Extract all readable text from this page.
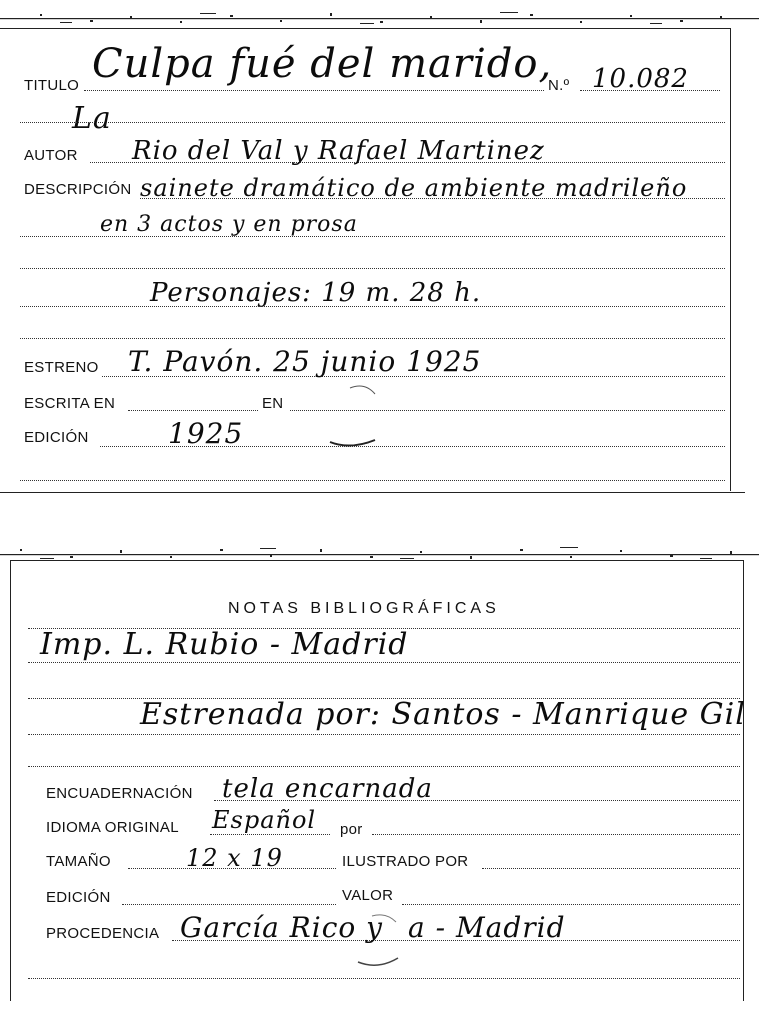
TITULO Culpa fué del marido,
N.º 10.082
La
AUTOR Rio del Val y Rafael Martinez
DESCRIPCIÓN sainete dramático de ambiente madrileño
en 3 actos y en prosa
Personajes: 19 m. 28 h.
ESTRENO T. Pavón. 25 junio 1925
ESCRITA EN	EN
EDICIÓN	1925
NOTAS BIBLIOGRÁFICAS
Imp. L. Rubio - Madrid
Estrenada por: Santos - Manrique Gil
ENCUADERNACIÓN tela encarnada
IDIOMA ORIGINAL Español por
TAMAÑO	12 x 19	ILUSTRADO POR
EDICIÓN	VALOR
PROCEDENCIA García Rico y a - Madrid
